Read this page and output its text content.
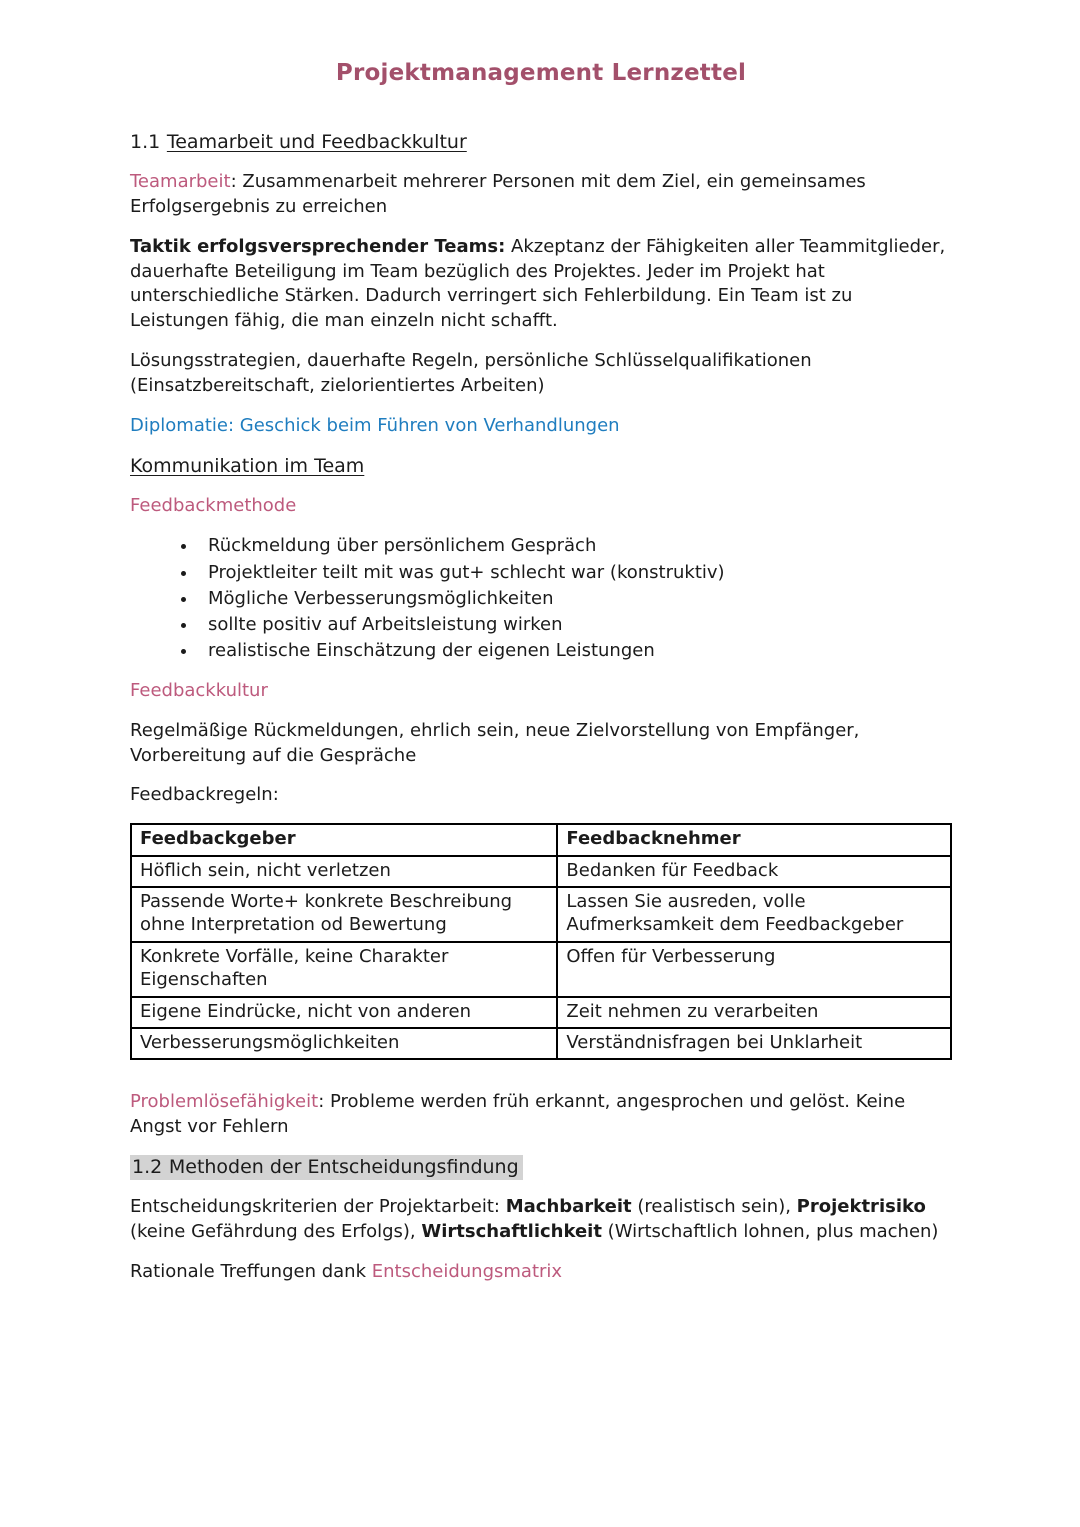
Projektmanagement Lernzettel

1.1 Teamarbeit und Feedbackkultur

Teamarbeit: Zusammenarbeit mehrerer Personen mit dem Ziel, ein gemeinsames Erfolgsergebnis zu erreichen

Taktik erfolgsversprechender Teams: Akzeptanz der Fähigkeiten aller Teammitglieder, dauerhafte Beteiligung im Team bezüglich des Projektes. Jeder im Projekt hat unterschiedliche Stärken. Dadurch verringert sich Fehlerbildung. Ein Team ist zu Leistungen fähig, die man einzeln nicht schafft.

Lösungsstrategien, dauerhafte Regeln, persönliche Schlüsselqualifikationen (Einsatzbereitschaft, zielorientiertes Arbeiten)

Diplomatie: Geschick beim Führen von Verhandlungen

Kommunikation im Team

Feedbackmethode

• Rückmeldung über persönlichem Gespräch
• Projektleiter teilt mit was gut+ schlecht war (konstruktiv)
• Mögliche Verbesserungsmöglichkeiten
• sollte positiv auf Arbeitsleistung wirken
• realistische Einschätzung der eigenen Leistungen

Feedbackkultur

Regelmäßige Rückmeldungen, ehrlich sein, neue Zielvorstellung von Empfänger, Vorbereitung auf die Gespräche

Feedbackregeln:

Feedbackgeber	Feedbacknehmer
Höflich sein, nicht verletzen	Bedanken für Feedback
Passende Worte+ konkrete Beschreibung ohne Interpretation od Bewertung	Lassen Sie ausreden, volle Aufmerksamkeit dem Feedbackgeber
Konkrete Vorfälle, keine Charakter Eigenschaften	Offen für Verbesserung
Eigene Eindrücke, nicht von anderen	Zeit nehmen zu verarbeiten
Verbesserungsmöglichkeiten	Verständnisfragen bei Unklarheit

Problemlösefähigkeit: Probleme werden früh erkannt, angesprochen und gelöst. Keine Angst vor Fehlern

1.2 Methoden der Entscheidungsfindung

Entscheidungskriterien der Projektarbeit: Machbarkeit (realistisch sein), Projektrisiko (keine Gefährdung des Erfolgs), Wirtschaftlichkeit (Wirtschaftlich lohnen, plus machen)

Rationale Treffungen dank Entscheidungsmatrix
